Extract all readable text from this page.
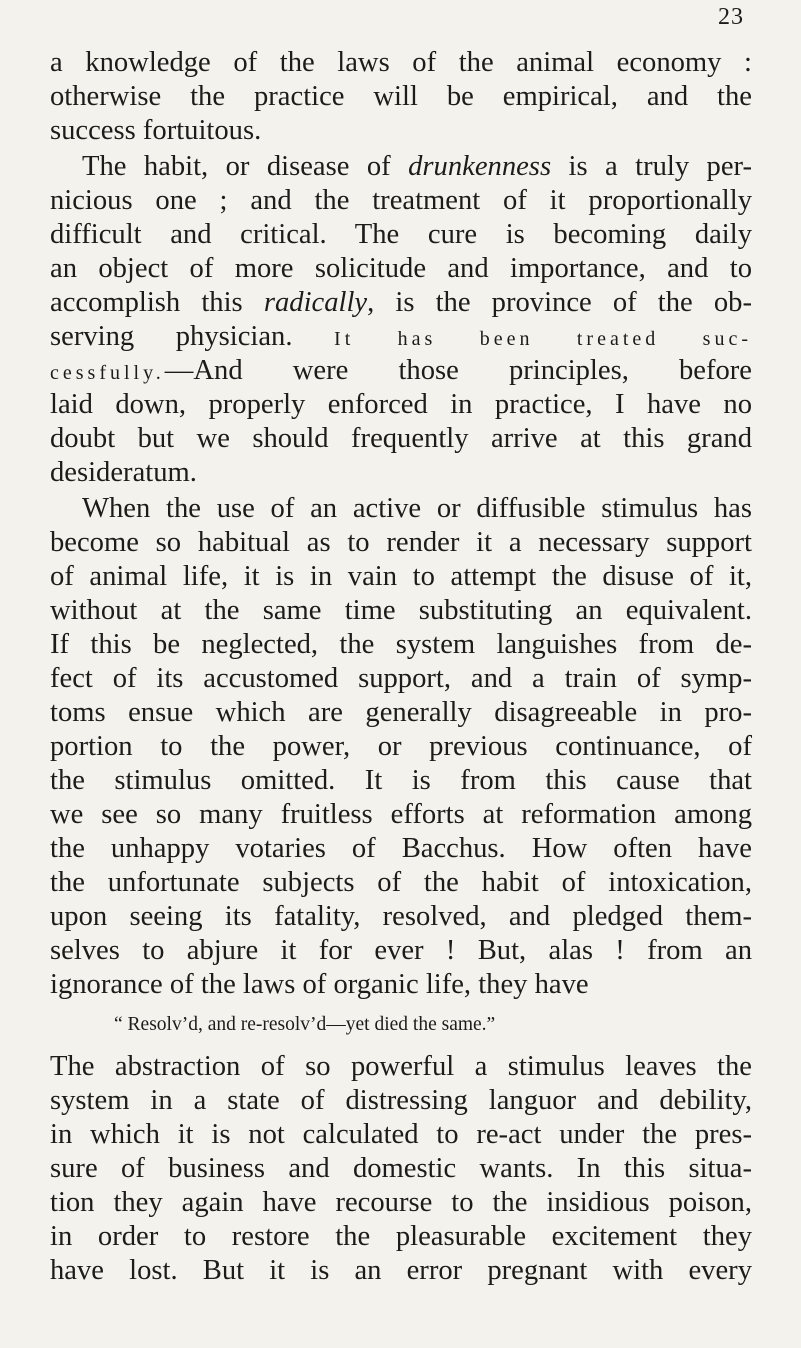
23
a knowledge of the laws of the animal economy :
otherwise the practice will be empirical, and the
success fortuitous.
The habit, or disease of drunkenness is a truly per-
nicious one ; and the treatment of it proportionally
difficult and critical. The cure is becoming daily
an object of more solicitude and importance, and to
accomplish this radically, is the province of the ob-
serving physician. It has been treated suc-
cessfully.—And were those principles, before
laid down, properly enforced in practice, I have no
doubt but we should frequently arrive at this grand
desideratum.
When the use of an active or diffusible stimulus has
become so habitual as to render it a necessary support
of animal life, it is in vain to attempt the disuse of it,
without at the same time substituting an equivalent.
If this be neglected, the system languishes from de-
fect of its accustomed support, and a train of symp-
toms ensue which are generally disagreeable in pro-
portion to the power, or previous continuance, of
the stimulus omitted. It is from this cause that
we see so many fruitless efforts at reformation among
the unhappy votaries of Bacchus. How often have
the unfortunate subjects of the habit of intoxication,
upon seeing its fatality, resolved, and pledged them-
selves to abjure it for ever ! But, alas ! from an
ignorance of the laws of organic life, they have
“ Resolv’d, and re-resolv’d—yet died the same.”
The abstraction of so powerful a stimulus leaves the
system in a state of distressing languor and debility,
in which it is not calculated to re-act under the pres-
sure of business and domestic wants. In this situa-
tion they again have recourse to the insidious poison,
in order to restore the pleasurable excitement they
have lost. But it is an error pregnant with every
